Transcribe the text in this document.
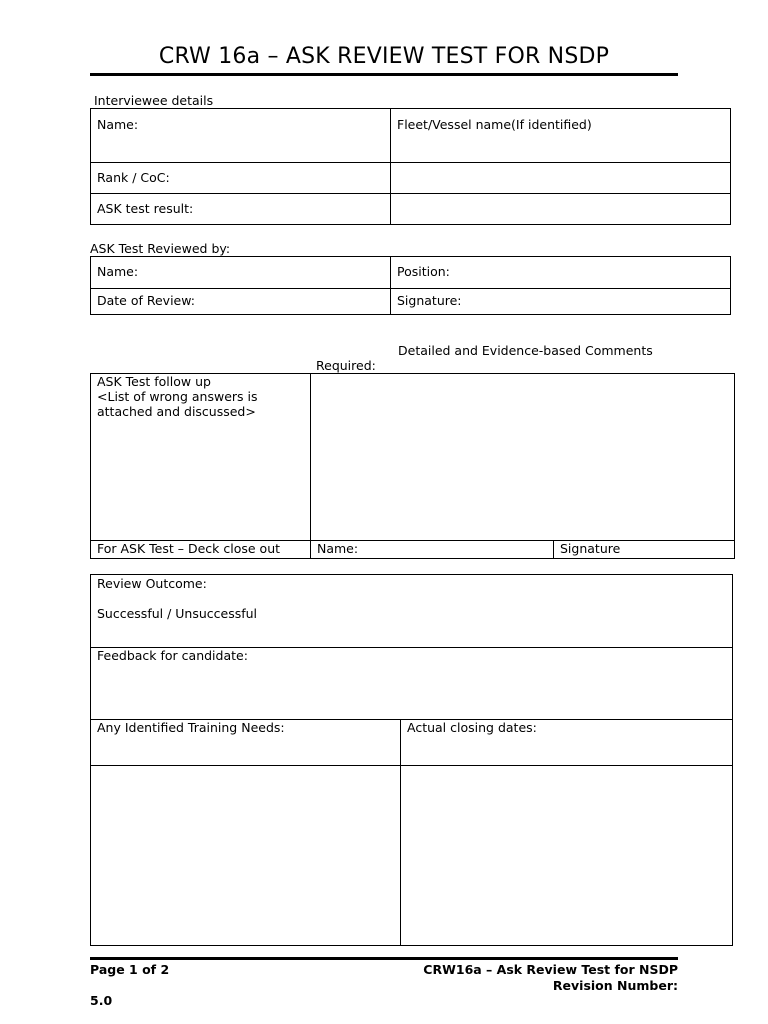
CRW 16a – ASK REVIEW TEST FOR NSDP
Interviewee details
Name:	Fleet/Vessel name(If identified)
Rank / CoC:	
ASK test result:	
ASK Test Reviewed by:
Name:	Position:
Date of Review:	Signature:
Detailed and Evidence-based Comments
Required:
ASK Test follow up
<List of wrong answers is
attached and discussed>		

For ASK Test – Deck close out	Name:	Signature
Review Outcome:
Successful / Unsuccessful	

Feedback for candidate:	

Any Identified Training Needs:	Actual closing dates:

Page 1 of 2	CRW16a – Ask Review Test for NSDP
Revision Number:
5.0
